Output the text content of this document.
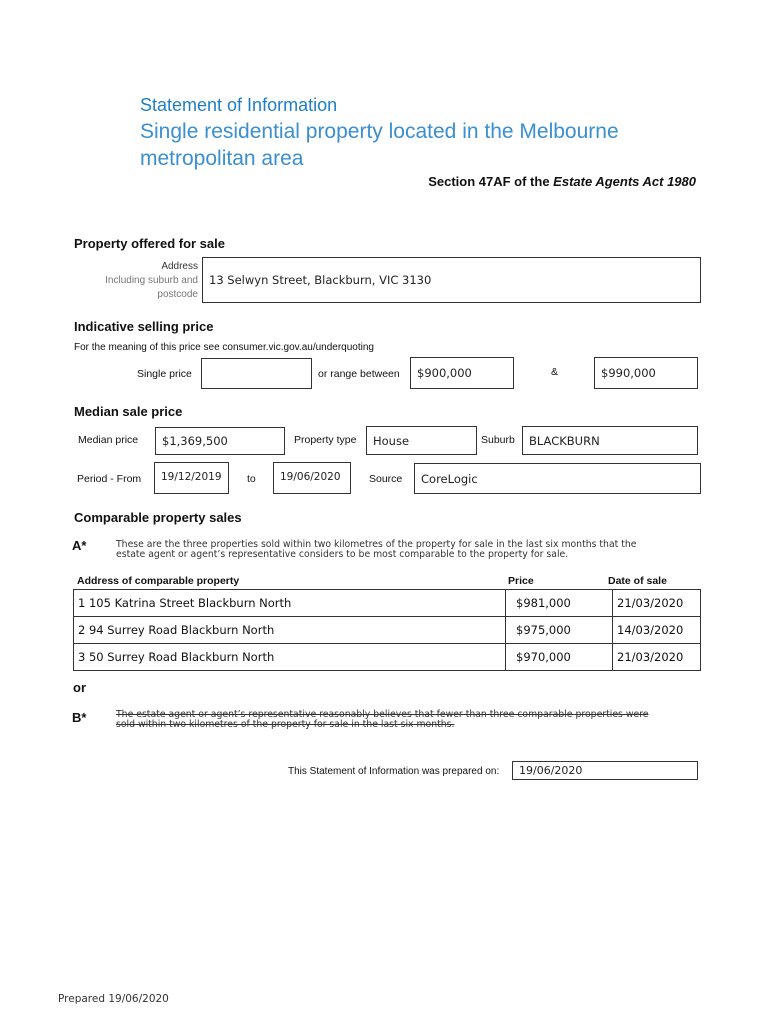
Statement of Information
Single residential property located in the Melbourne
metropolitan area
Section 47AF of the Estate Agents Act 1980
Property offered for sale
Address
Including suburb and
postcode
13 Selwyn Street, Blackburn, VIC 3130
Indicative selling price
For the meaning of this price see consumer.vic.gov.au/underquoting
Single price	or range between	$900,000	&	$990,000
Median sale price
Median price	$1,369,500	Property type	House	Suburb	BLACKBURN
Period - From	19/12/2019	to	19/06/2020	Source	CoreLogic
Comparable property sales
A*	These are the three properties sold within two kilometres of the property for sale in the last six months that the
estate agent or agent’s representative considers to be most comparable to the property for sale.
Address of comparable property	Price	Date of sale
1 105 Katrina Street Blackburn North	$981,000	21/03/2020
2 94 Surrey Road Blackburn North	$975,000	14/03/2020
3 50 Surrey Road Blackburn North	$970,000	21/03/2020
or
B*	The estate agent or agent’s representative reasonably believes that fewer than three comparable properties were
sold within two kilometres of the property for sale in the last six months.
This Statement of Information was prepared on:	19/06/2020
Prepared 19/06/2020
